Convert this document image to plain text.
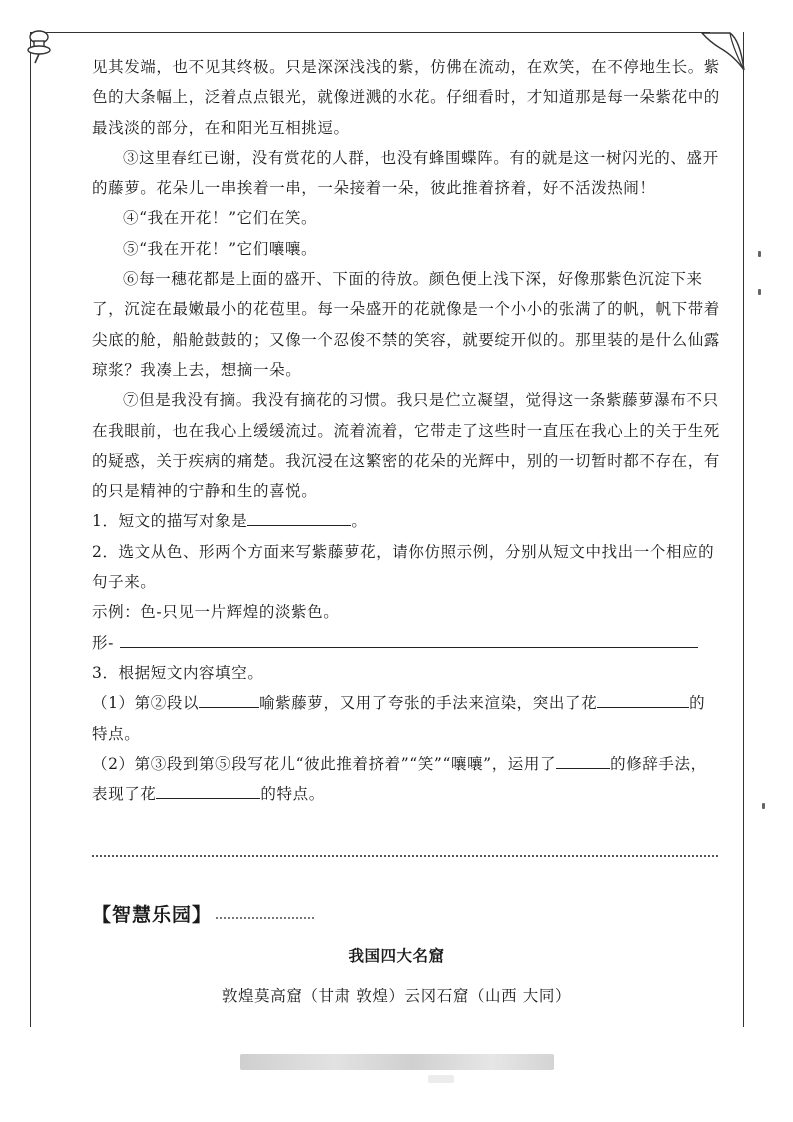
见其发端，也不见其终极。只是深深浅浅的紫，仿佛在流动，在欢笑，在不停地生长。紫色的大条幅上，泛着点点银光，就像迸溅的水花。仔细看时，才知道那是每一朵紫花中的最浅淡的部分，在和阳光互相挑逗。

③这里春红已谢，没有赏花的人群，也没有蜂围蝶阵。有的就是这一树闪光的、盛开的藤萝。花朵儿一串挨着一串，一朵接着一朵，彼此推着挤着，好不活泼热闹！

④“我在开花！”它们在笑。

⑤“我在开花！”它们嚷嚷。

⑥每一穗花都是上面的盛开、下面的待放。颜色便上浅下深，好像那紫色沉淀下来了，沉淀在最嫩最小的花苞里。每一朵盛开的花就像是一个小小的张满了的帆，帆下带着尖底的舱，船舱鼓鼓的；又像一个忍俊不禁的笑容，就要绽开似的。那里装的是什么仙露琼浆？我凑上去，想摘一朵。

⑦但是我没有摘。我没有摘花的习惯。我只是伫立凝望，觉得这一条紫藤萝瀑布不只在我眼前，也在我心上缓缓流过。流着流着，它带走了这些时一直压在我心上的关于生死的疑惑，关于疾病的痛楚。我沉浸在这繁密的花朵的光辉中，别的一切暂时都不存在，有的只是精神的宁静和生的喜悦。

1．短文的描写对象是	。

2．选文从色、形两个方面来写紫藤萝花，请你仿照示例，分别从短文中找出一个相应的句子来。

示例：色-只见一片辉煌的淡紫色。

形-

3．根据短文内容填空。

（1）第②段以	喻紫藤萝，又用了夸张的手法来渲染，突出了花	的特点。

（2）第③段到第⑤段写花儿“彼此推着挤着”“笑”“嚷嚷”，运用了	的修辞手法，表现了花	的特点。

【智慧乐园】
我国四大名窟
敦煌莫高窟（甘肃 敦煌）云冈石窟（山西 大同）
